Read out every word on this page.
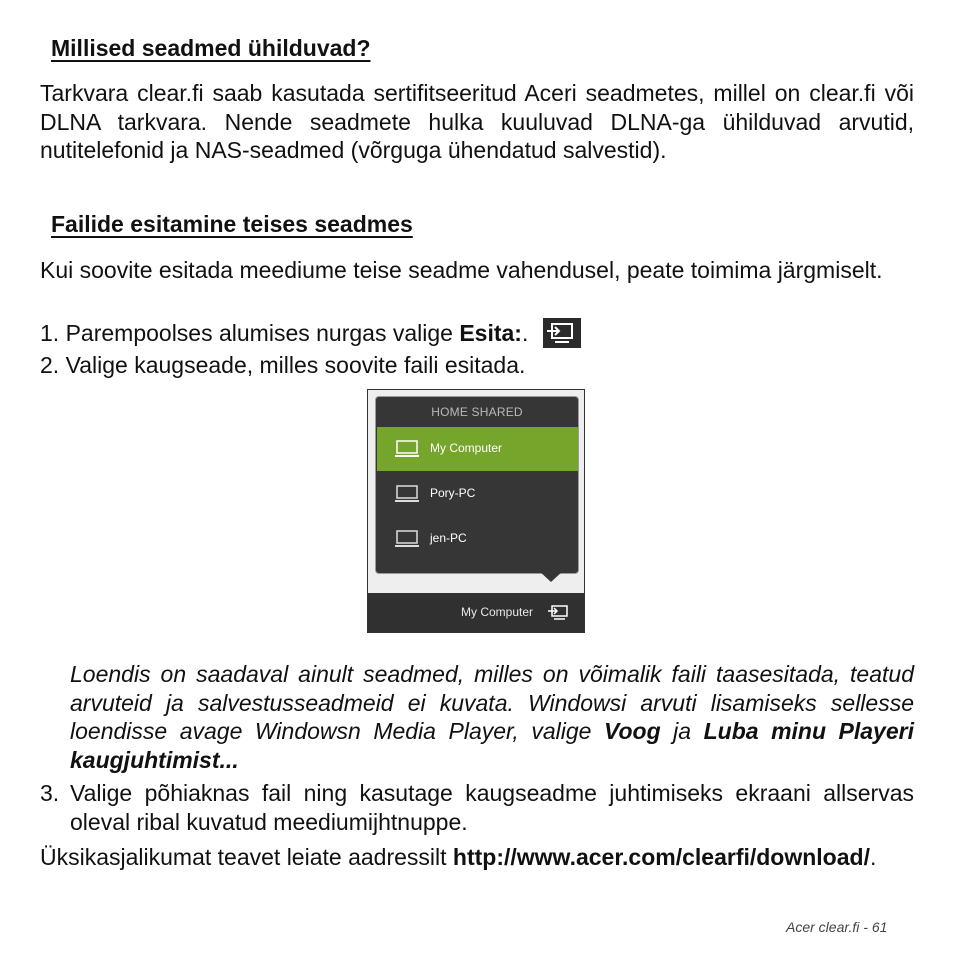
Millised seadmed ühilduvad?
Tarkvara clear.fi saab kasutada sertifitseeritud Aceri seadmetes, millel on clear.fi või DLNA tarkvara. Nende seadmete hulka kuuluvad DLNA-ga ühilduvad arvutid, nutitelefonid ja NAS-seadmed (võrguga ühendatud salvestid).
Failide esitamine teises seadmes
Kui soovite esitada meediume teise seadme vahendusel, peate toimima järgmiselt.
1. Parempoolses alumises nurgas valige Esita:.
2. Valige kaugseade, milles soovite faili esitada.
HOME SHARED
My Computer
Pory-PC
jen-PC
My Computer
Loendis on saadaval ainult seadmed, milles on võimalik faili taasesitada, teatud arvuteid ja salvestusseadmeid ei kuvata. Windowsi arvuti lisamiseks sellesse loendisse avage Windowsn Media Player, valige Voog ja Luba minu Playeri kaugjuhtimist...
3. Valige põhiaknas fail ning kasutage kaugseadme juhtimiseks ekraani allservas oleval ribal kuvatud meediumijhtnuppe.
Üksikasjalikumat teavet leiate aadressilt http://www.acer.com/clearfi/download/.
Acer clear.fi - 61
